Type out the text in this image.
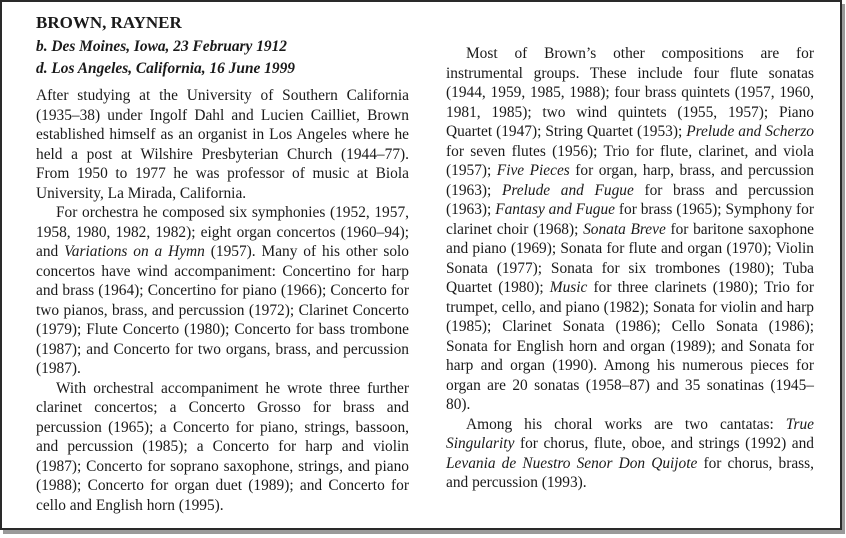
BROWN, RAYNER

b. Des Moines, Iowa, 23 February 1912

d. Los Angeles, California, 16 June 1999

After studying at the University of Southern California (1935–38) under Ingolf Dahl and Lucien Cailliet, Brown established himself as an organist in Los Angeles where he held a post at Wilshire Presbyterian Church (1944–77). From 1950 to 1977 he was professor of music at Biola University, La Mirada, California.

For orchestra he composed six symphonies (1952, 1957, 1958, 1980, 1982, 1982); eight organ concertos (1960–94); and Variations on a Hymn (1957). Many of his other solo concertos have wind accompaniment: Concertino for harp and brass (1964); Concertino for piano (1966); Concerto for two pianos, brass, and percussion (1972); Clarinet Concerto (1979); Flute Concerto (1980); Concerto for bass trombone (1987); and Concerto for two organs, brass, and percussion (1987).

With orchestral accompaniment he wrote three further clarinet concertos; a Concerto Grosso for brass and percussion (1965); a Concerto for piano, strings, bassoon, and percussion (1985); a Concerto for harp and violin (1987); Concerto for soprano saxophone, strings, and piano (1988); Concerto for organ duet (1989); and Concerto for cello and English horn (1995).

Most of Brown’s other compositions are for instrumental groups. These include four flute sonatas (1944, 1959, 1985, 1988); four brass quintets (1957, 1960, 1981, 1985); two wind quintets (1955, 1957); Piano Quartet (1947); String Quartet (1953); Prelude and Scherzo for seven flutes (1956); Trio for flute, clarinet, and viola (1957); Five Pieces for organ, harp, brass, and percussion (1963); Prelude and Fugue for brass and percussion (1963); Fantasy and Fugue for brass (1965); Symphony for clarinet choir (1968); Sonata Breve for baritone saxophone and piano (1969); Sonata for flute and organ (1970); Violin Sonata (1977); Sonata for six trombones (1980); Tuba Quartet (1980); Music for three clarinets (1980); Trio for trumpet, cello, and piano (1982); Sonata for violin and harp (1985); Clarinet Sonata (1986); Cello Sonata (1986); Sonata for English horn and organ (1989); and Sonata for harp and organ (1990). Among his numerous pieces for organ are 20 sonatas (1958–87) and 35 sonatinas (1945–80).

Among his choral works are two cantatas: True Singularity for chorus, flute, oboe, and strings (1992) and Levania de Nuestro Senor Don Quijote for chorus, brass, and percussion (1993).
